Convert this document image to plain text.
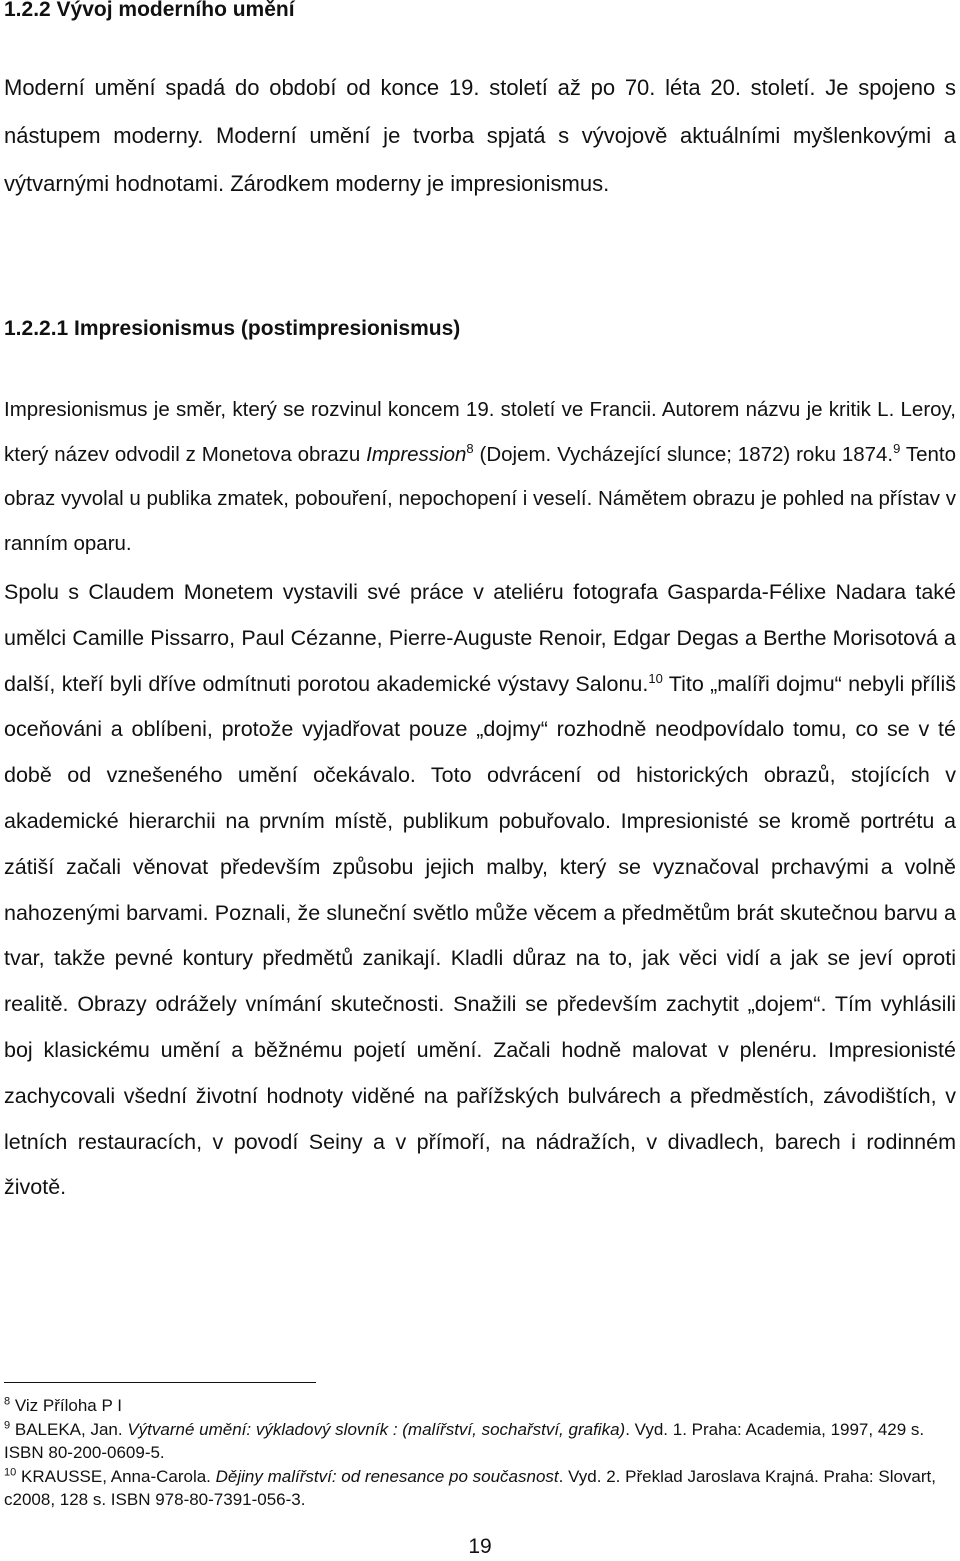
1.2.2 Vývoj moderního umění

Moderní umění spadá do období od konce 19. století až po 70. léta 20. století. Je spojeno s nástupem moderny. Moderní umění je tvorba spjatá s vývojově aktuálními myšlenkovými a výtvarnými hodnotami. Zárodkem moderny je impresionismus.

1.2.2.1 Impresionismus (postimpresionismus)

Impresionismus je směr, který se rozvinul koncem 19. století ve Francii. Autorem názvu je kritik L. Leroy, který název odvodil z Monetova obrazu Impression$^8$ (Dojem. Vycházející slunce; 1872) roku 1874.$^9$ Tento obraz vyvolal u publika zmatek, pobouření, nepochopení i veselí. Námětem obrazu je pohled na přístav v ranním oparu.

Spolu s Claudem Monetem vystavili své práce v ateliéru fotografa Gasparda-Félixe Nadara také umělci Camille Pissarro, Paul Cézanne, Pierre-Auguste Renoir, Edgar Degas a Berthe Morisotová a další, kteří byli dříve odmítnuti porotou akademické výstavy Salonu.$^{10}$ Tito „malíři dojmu“ nebyli příliš oceňováni a oblíbeni, protože vyjadřovat pouze „dojmy“ rozhodně neodpovídalo tomu, co se v té době od vznešeného umění očekávalo. Toto odvrácení od historických obrazů, stojících v akademické hierarchii na prvním místě, publikum pobuřovalo. Impresionisté se kromě portrétu a zátiší začali věnovat především způsobu jejich malby, který se vyznačoval prchavými a volně nahozenými barvami. Poznali, že sluneční světlo může věcem a předmětům brát skutečnou barvu a tvar, takže pevné kontury předmětů zanikají. Kladli důraz na to, jak věci vidí a jak se jeví oproti realitě. Obrazy odrážely vnímání skutečnosti. Snažili se především zachytit „dojem“. Tím vyhlásili boj klasickému umění a běžnému pojetí umění. Začali hodně malovat v plenéru. Impresionisté zachycovali všední životní hodnoty viděné na pařížských bulvárech a předměstích, závodištích, v letních restauracích, v povodí Seiny a v přímoří, na nádražích, v divadlech, barech i rodinném životě.

$^8$ Viz Příloha P I

$^9$ BALEKA, Jan. Výtvarné umění: výkladový slovník : (malířství, sochařství, grafika). Vyd. 1. Praha: Academia, 1997, 429 s. ISBN 80-200-0609-5.

$^{10}$ KRAUSSE, Anna-Carola. Dějiny malířství: od renesance po současnost. Vyd. 2. Překlad Jaroslava Krajná. Praha: Slovart, c2008, 128 s. ISBN 978-80-7391-056-3.

19
